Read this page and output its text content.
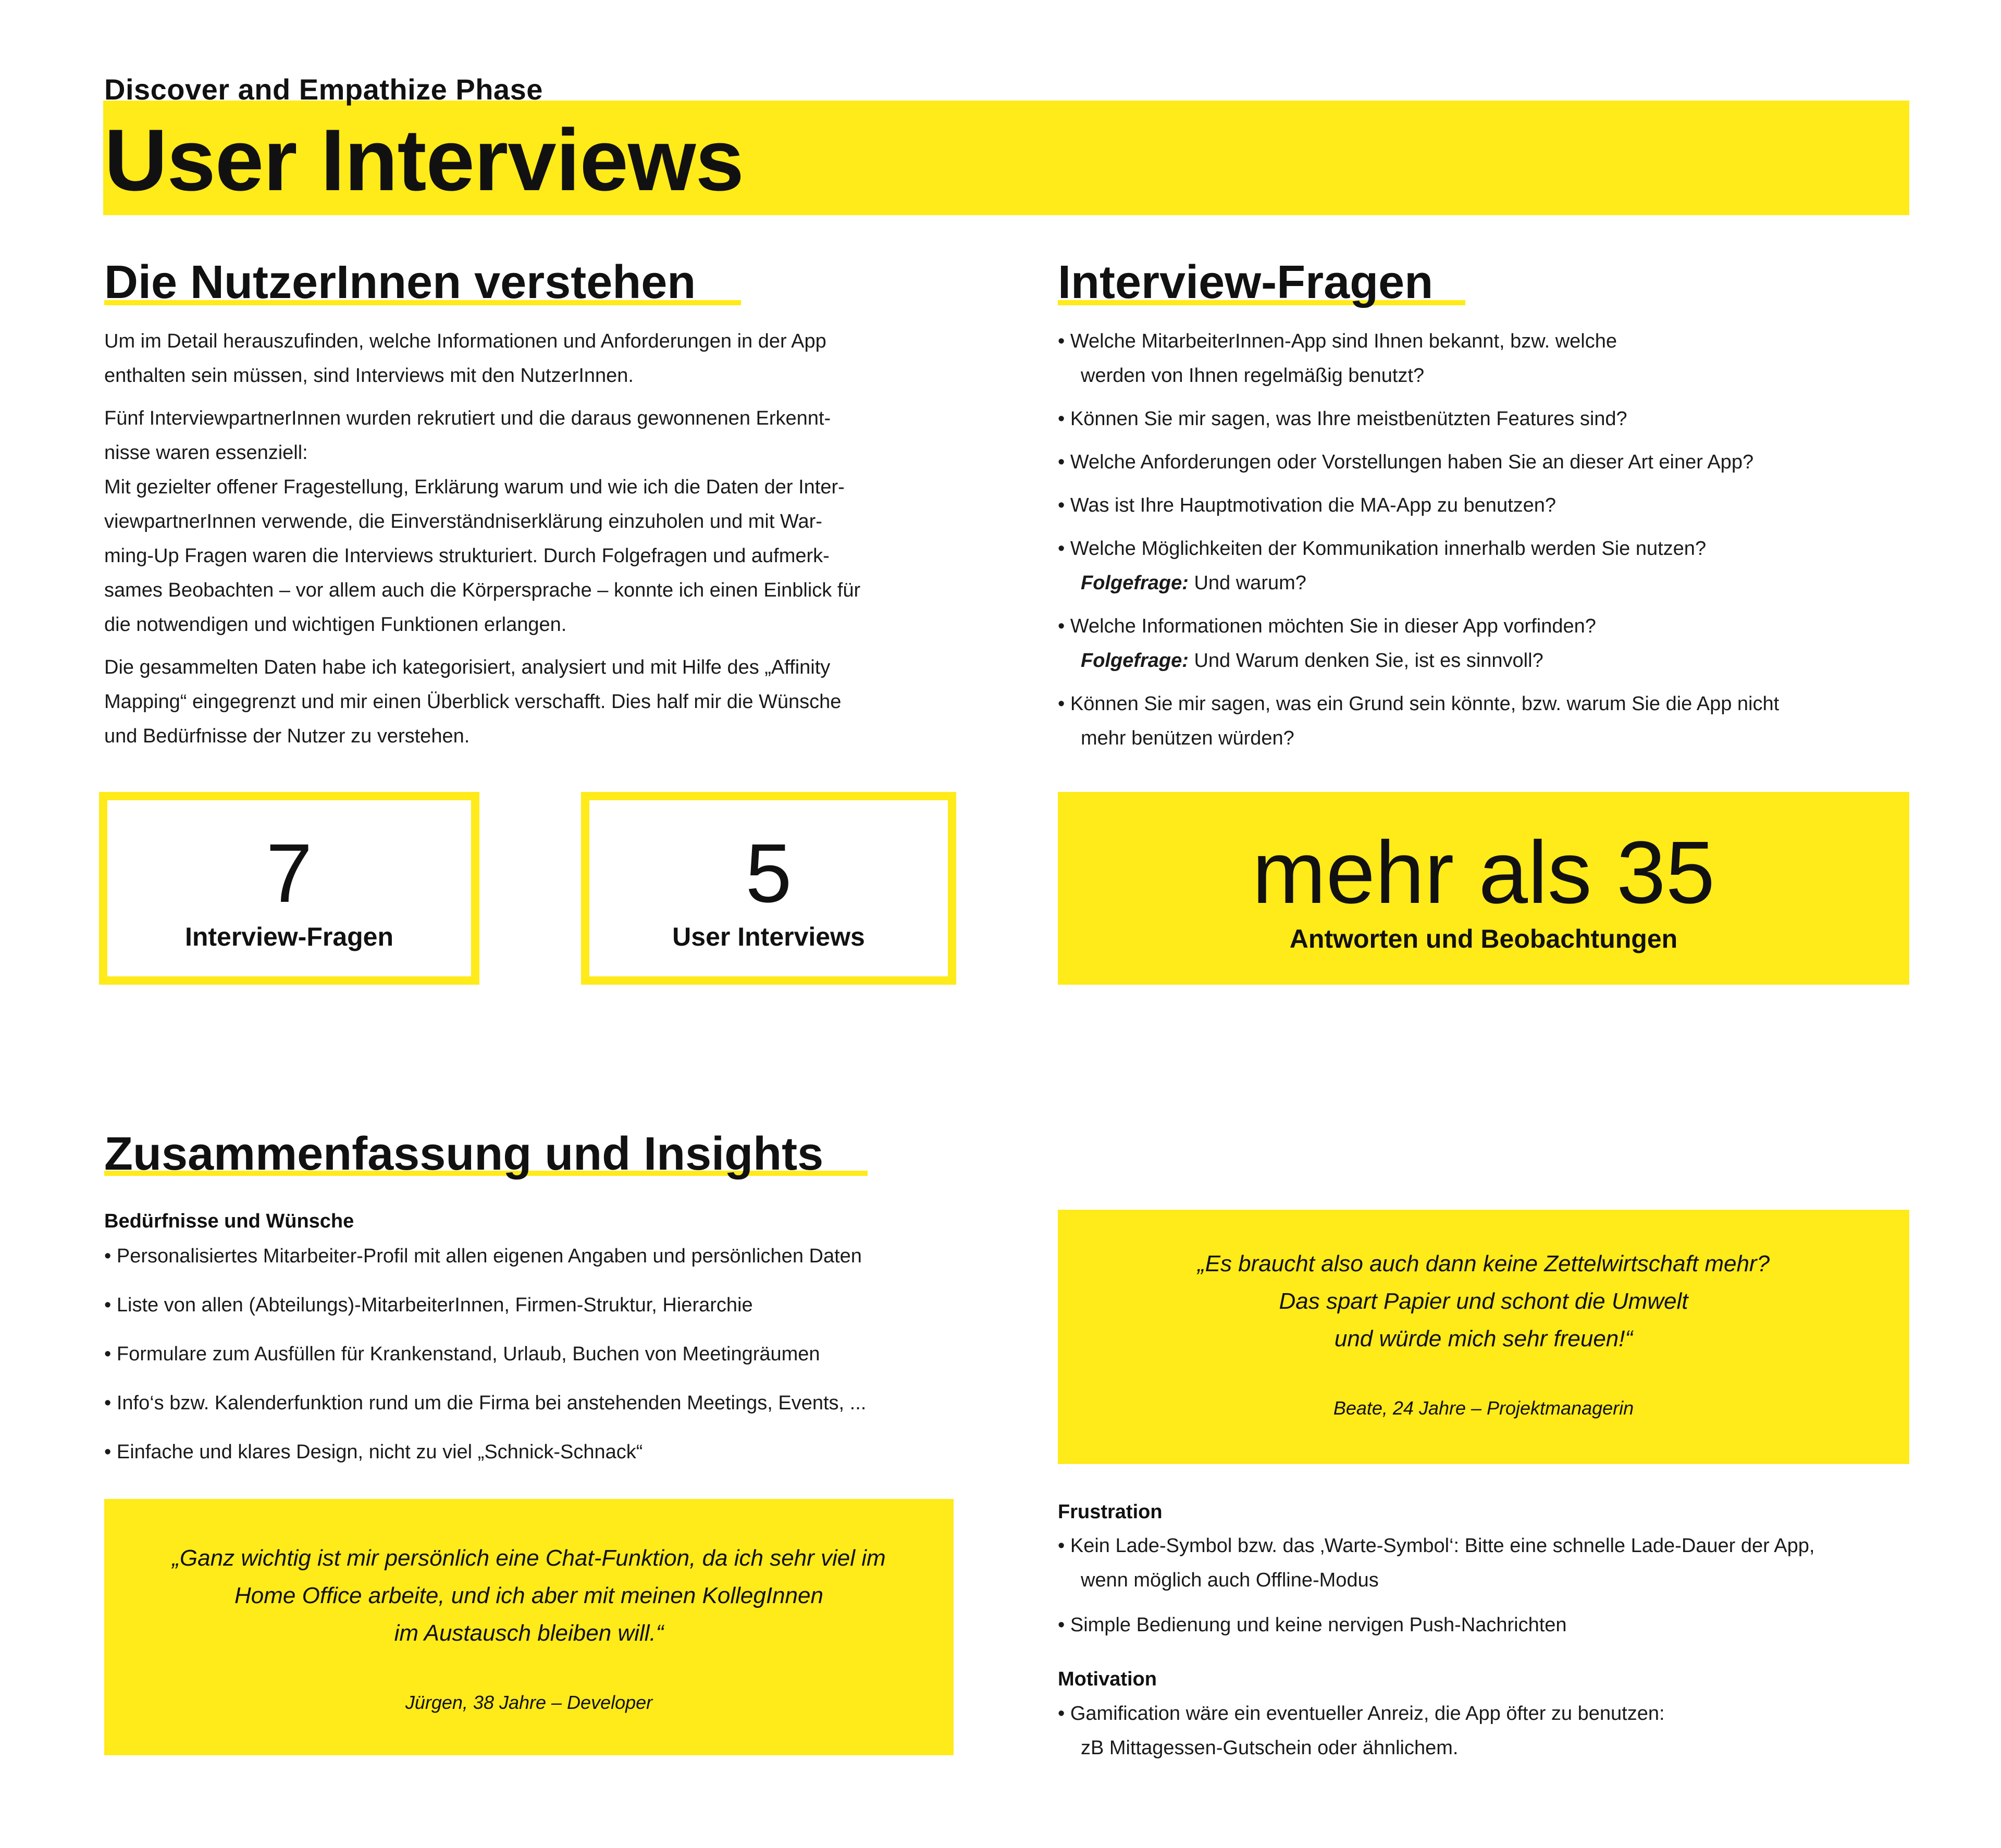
Discover and Empathize Phase
User Interviews
Die NutzerInnen verstehen

Um im Detail herauszufinden, welche Informationen und Anforderungen in der App

enthalten sein müssen, sind Interviews mit den NutzerInnen.

Fünf InterviewpartnerInnen wurden rekrutiert und die daraus gewonnenen Erkennt-

nisse waren essenziell:

Mit gezielter offener Fragestellung, Erklärung warum und wie ich die Daten der Inter-

viewpartnerInnen verwende, die Einverständniserklärung einzuholen und mit War-

ming-Up Fragen waren die Interviews strukturiert. Durch Folgefragen und aufmerk-

sames Beobachten – vor allem auch die Körpersprache – konnte ich einen Einblick für

die notwendigen und wichtigen Funktionen erlangen.

Die gesammelten Daten habe ich kategorisiert, analysiert und mit Hilfe des „Affinity

Mapping“ eingegrenzt und mir einen Überblick verschafft. Dies half mir die Wünsche

und Bedürfnisse der Nutzer zu verstehen.

Interview-Fragen
• Welche MitarbeiterInnen-App sind Ihnen bekannt, bzw. welche
werden von Ihnen regelmäßig benutzt?
• Können Sie mir sagen, was Ihre meistbenützten Features sind?
• Welche Anforderungen oder Vorstellungen haben Sie an dieser Art einer App?
• Was ist Ihre Hauptmotivation die MA-App zu benutzen?
• Welche Möglichkeiten der Kommunikation innerhalb werden Sie nutzen?
Folgefrage: Und warum?
• Welche Informationen möchten Sie in dieser App vorfinden?
Folgefrage: Und Warum denken Sie, ist es sinnvoll?
• Können Sie mir sagen, was ein Grund sein könnte, bzw. warum Sie die App nicht
mehr benützen würden?
7
Interview-Fragen
5
User Interviews
mehr als 35
Antworten und Beobachtungen
Zusammenfassung und Insights
Bedürfnisse und Wünsche
• Personalisiertes Mitarbeiter-Profil mit allen eigenen Angaben und persönlichen Daten
• Liste von allen (Abteilungs)-MitarbeiterInnen, Firmen-Struktur, Hierarchie
• Formulare zum Ausfüllen für Krankenstand, Urlaub, Buchen von Meetingräumen
• Info‘s bzw. Kalenderfunktion rund um die Firma bei anstehenden Meetings, Events, ...
• Einfache und klares Design, nicht zu viel „Schnick-Schnack“
„Ganz wichtig ist mir persönlich eine Chat-Funktion, da ich sehr viel im
Home Office arbeite, und ich aber mit meinen KollegInnen
im Austausch bleiben will.“
Jürgen, 38 Jahre – Developer
„Es braucht also auch dann keine Zettelwirtschaft mehr?
Das spart Papier und schont die Umwelt
und würde mich sehr freuen!“
Beate, 24 Jahre – Projektmanagerin
Frustration
• Kein Lade-Symbol bzw. das ‚Warte-Symbol‘: Bitte eine schnelle Lade-Dauer der App,
wenn möglich auch Offline-Modus
• Simple Bedienung und keine nervigen Push-Nachrichten
Motivation
• Gamification wäre ein eventueller Anreiz, die App öfter zu benutzen:
zB Mittagessen-Gutschein oder ähnlichem.
